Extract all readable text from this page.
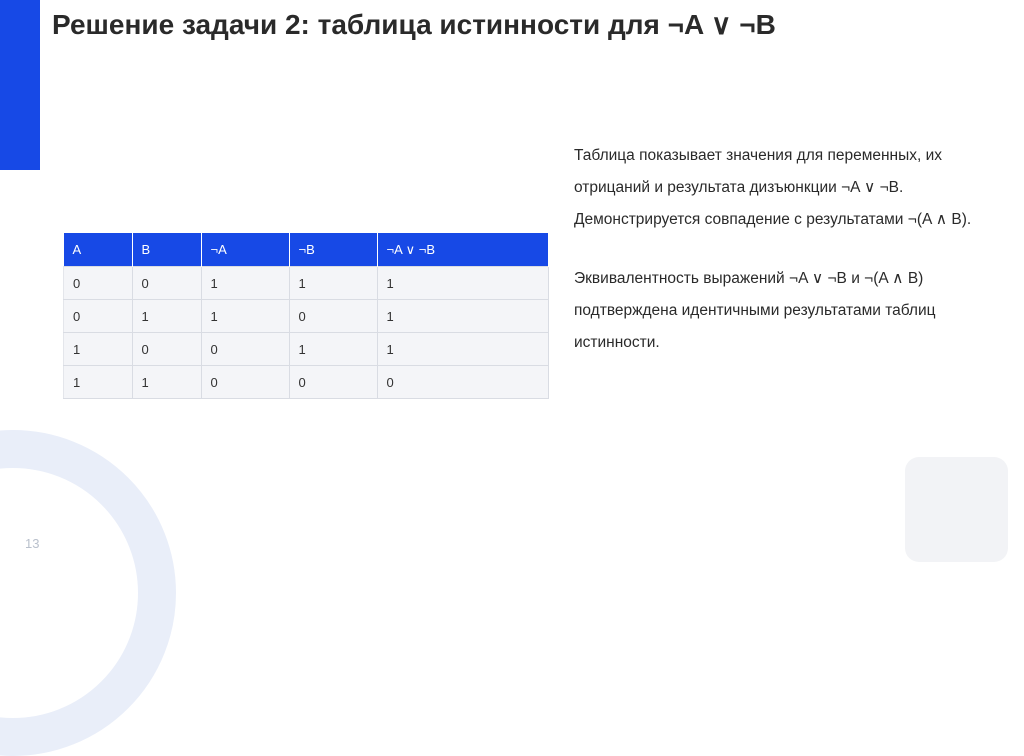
Решение задачи 2: таблица истинности для ¬A ∨ ¬B
A	B	¬A	¬B	¬A ∨ ¬B
0	0	1	1	1
0	1	1	0	1
1	0	0	1	1
1	1	0	0	0

Таблица показывает значения для переменных, их отрицаний и результата дизъюнкции ¬A ∨ ¬B. Демонстрируется совпадение с результатами ¬(A ∧ B).

Эквивалентность выражений ¬A ∨ ¬B и ¬(A ∧ B) подтверждена идентичными результатами таблиц истинности.

13
